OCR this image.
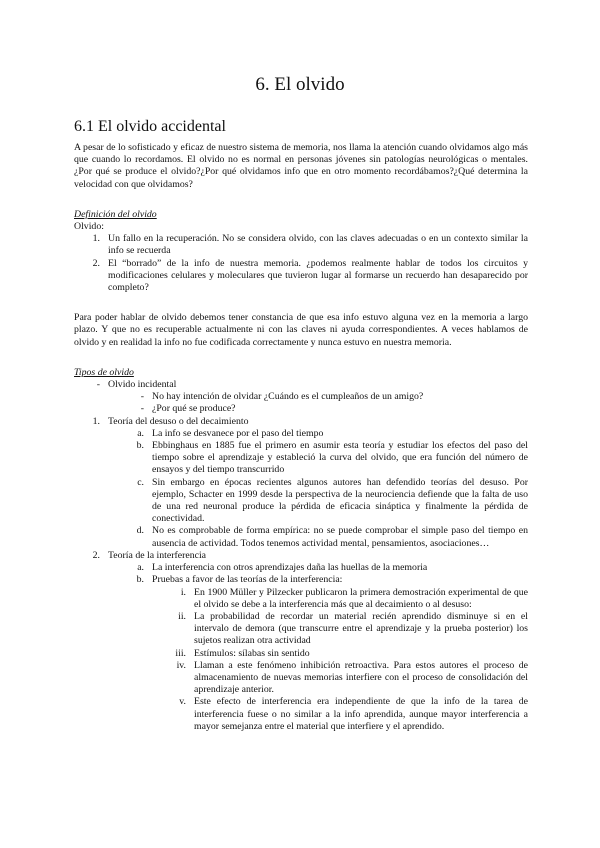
6. El olvido
6.1 El olvido accidental

A pesar de lo sofisticado y eficaz de nuestro sistema de memoria, nos llama la atención cuando olvidamos algo más que cuando lo recordamos. El olvido no es normal en personas jóvenes sin patologías neurológicas o mentales. ¿Por qué se produce el olvido?¿Por qué olvidamos info que en otro momento recordábamos?¿Qué determina la velocidad con que olvidamos?

Definición del olvido
Olvido:
1. Un fallo en la recuperación. No se considera olvido, con las claves adecuadas o en un contexto similar la info se recuerda
2. El “borrado” de la info de nuestra memoria. ¿podemos realmente hablar de todos los circuitos y modificaciones celulares y moleculares que tuvieron lugar al formarse un recuerdo han desaparecido por completo?

Para poder hablar de olvido debemos tener constancia de que esa info estuvo alguna vez en la memoria a largo plazo. Y que no es recuperable actualmente ni con las claves ni ayuda correspondientes. A veces hablamos de olvido y en realidad la info no fue codificada correctamente y nunca estuvo en nuestra memoria.

Tipos de olvido
- Olvido incidental
- No hay intención de olvidar ¿Cuándo es el cumpleaños de un amigo?
- ¿Por qué se produce?
1. Teoría del desuso o del decaimiento
a. La info se desvanece por el paso del tiempo
b. Ebbinghaus en 1885 fue el primero en asumir esta teoría y estudiar los efectos del paso del tiempo sobre el aprendizaje y estableció la curva del olvido, que era función del número de ensayos y del tiempo transcurrido
c. Sin embargo en épocas recientes algunos autores han defendido teorías del desuso. Por ejemplo, Schacter en 1999 desde la perspectiva de la neurociencia defiende que la falta de uso de una red neuronal produce la pérdida de eficacia sináptica y finalmente la pérdida de conectividad.
d. No es comprobable de forma empírica: no se puede comprobar el simple paso del tiempo en ausencia de actividad. Todos tenemos actividad mental, pensamientos, asociaciones…
2. Teoría de la interferencia
a. La interferencia con otros aprendizajes daña las huellas de la memoria
b. Pruebas a favor de las teorías de la interferencia:
i. En 1900 Müller y Pilzecker publicaron la primera demostración experimental de que el olvido se debe a la interferencia más que al decaimiento o al desuso:
ii. La probabilidad de recordar un material recién aprendido disminuye si en el intervalo de demora (que transcurre entre el aprendizaje y la prueba posterior) los sujetos realizan otra actividad
iii. Estímulos: sílabas sin sentido
iv. Llaman a este fenómeno inhibición retroactiva. Para estos autores el proceso de almacenamiento de nuevas memorias interfiere con el proceso de consolidación del aprendizaje anterior.
v. Este efecto de interferencia era independiente de que la info de la tarea de interferencia fuese o no similar a la info aprendida, aunque mayor interferencia a mayor semejanza entre el material que interfiere y el aprendido.
